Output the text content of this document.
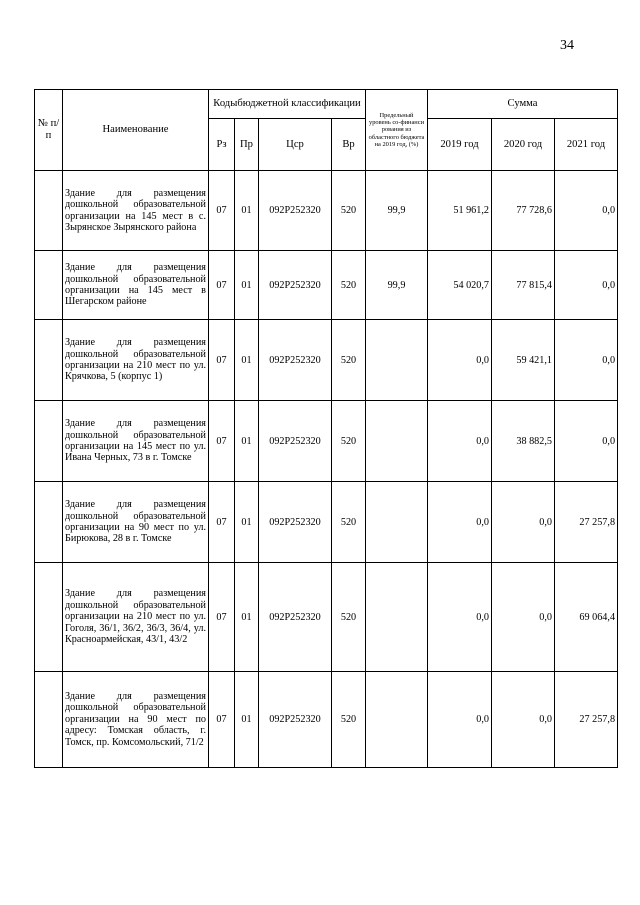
34
№ п/п	Наименование	Кодыбюджетной классификации				Предельный уровень со-финанси рования из областного бюджета на 2019 год, (%)	Сумма		
		Рз	Пр	Цср	Вр		2019 год	2020 год	2021 год
	Здание для размещения дошкольной образовательной организации на 145 мест в с. Зырянское Зырянского района	07	01	092P252320	520	99,9	51 961,2	77 728,6	0,0
	Здание для размещения дошкольной образовательной организации на 145 мест в Шегарском районе	07	01	092P252320	520	99,9	54 020,7	77 815,4	0,0
	Здание для размещения дошкольной образовательной организации на 210 мест по ул. Крячкова, 5 (корпус 1)	07	01	092P252320	520		0,0	59 421,1	0,0
	Здание для размещения дошкольной образовательной организации на 145 мест по ул. Ивана Черных, 73 в г. Томске	07	01	092P252320	520		0,0	38 882,5	0,0
	Здание для размещения дошкольной образовательной организации на 90 мест по ул. Бирюкова, 28 в г. Томске	07	01	092P252320	520		0,0	0,0	27 257,8
	Здание для размещения дошкольной образовательной организации на 210 мест по ул. Гоголя, 36/1, 36/2, 36/3, 36/4, ул. Красноармейская, 43/1, 43/2	07	01	092P252320	520		0,0	0,0	69 064,4
	Здание для размещения дошкольной образовательной организации на 90 мест по адресу: Томская область, г. Томск, пр. Комсомольский, 71/2	07	01	092P252320	520		0,0	0,0	27 257,8
